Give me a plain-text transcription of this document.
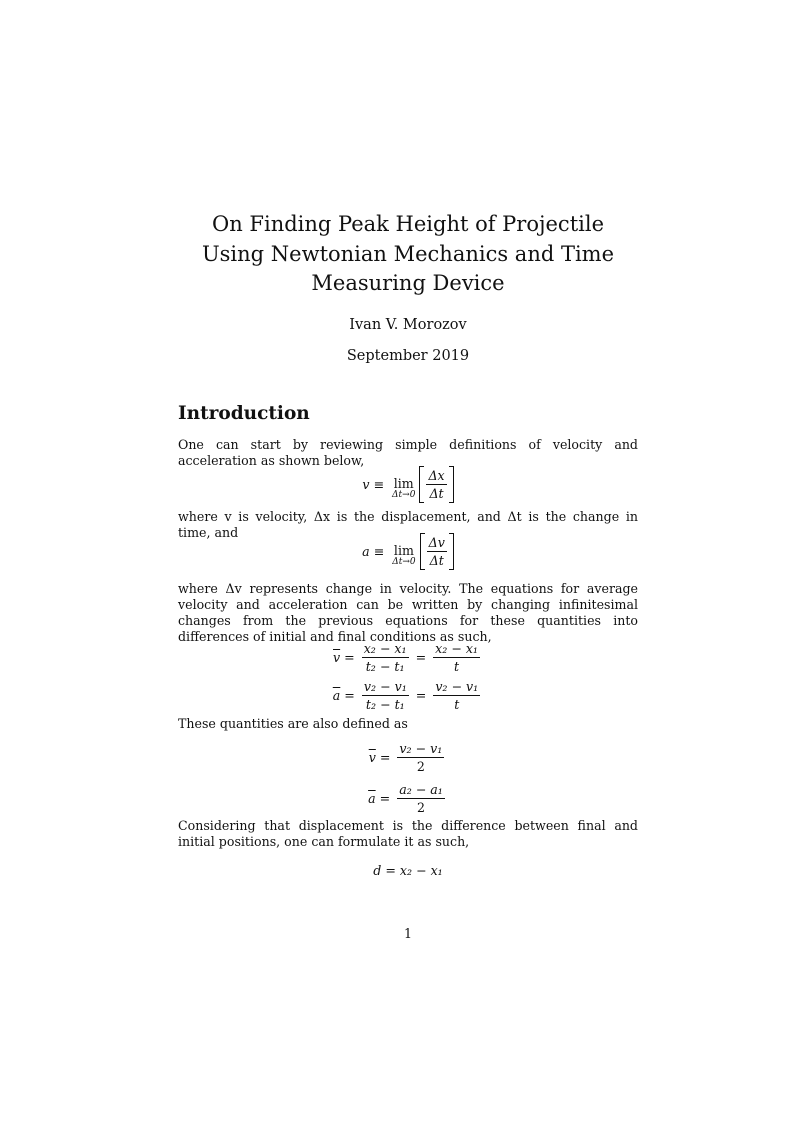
On Finding Peak Height of Projectile Using Newtonian Mechanics and Time Measuring Device
Ivan V. Morozov
September 2019
Introduction

One can start by reviewing simple definitions of velocity and acceleration as shown below,

v ≡ lim
$\Delta t\to 0 \frac{\Delta x}{\Delta t}$

where v is velocity, Δx is the displacement, and Δt is the change in time, and

a ≡ lim
$\Delta t\to 0 \frac{\Delta v}{\Delta t}$

where Δv represents change in velocity. The equations for average velocity and acceleration can be written by changing infinitesimal changes from the previous equations for these quantities into differences of initial and final conditions as such,

$\overline{v} = \frac{\text{x₂ − x₁}}{\text{t₂ − t₁}} = \frac{\text{x₂ − x₁}}{t}$
$\overline{a} = \frac{\text{v₂ − v₁}}{\text{t₂ − t₁}} = \frac{\text{v₂ − v₁}}{t}$

These quantities are also defined as

$\overline{v} = \frac{\text{v₂ − v₁}}{2}$
$\overline{a} = \frac{\text{a₂ − a₁}}{2}$

Considering that displacement is the difference between final and initial positions, one can formulate it as such,

d = x₂ − x₁
1
